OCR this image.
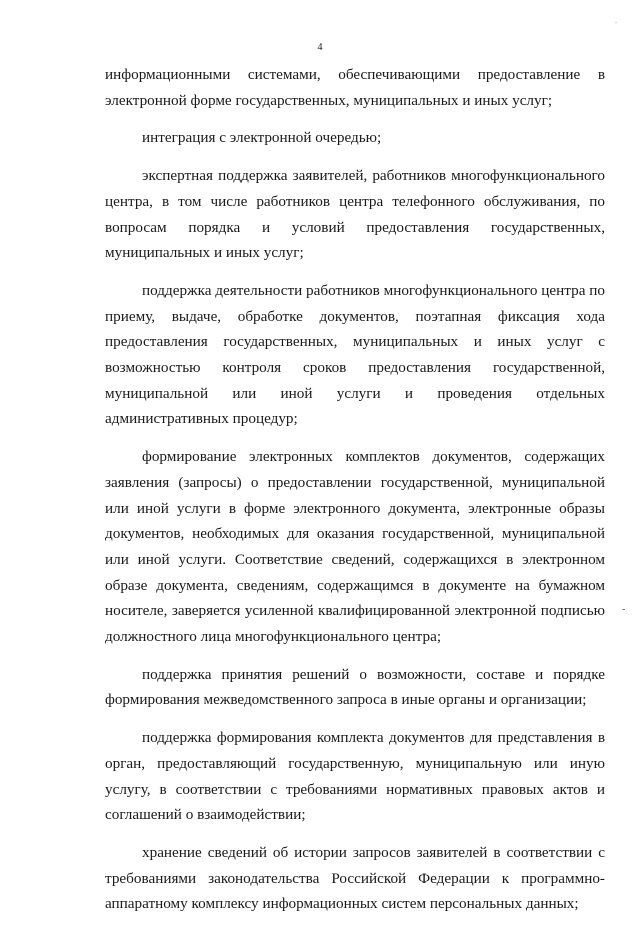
.
4

информационными системами, обеспечивающими предоставление в электронной форме государственных, муниципальных и иных услуг;

интеграция с электронной очередью;

экспертная поддержка заявителей, работников многофункционального центра, в том числе работников центра телефонного обслуживания, по вопросам порядка и условий предоставления государственных, муниципальных и иных услуг;

поддержка деятельности работников многофункционального центра по приему, выдаче, обработке документов, поэтапная фиксация хода предоставления государственных, муниципальных и иных услуг с возможностью контроля сроков предоставления государственной, муниципальной или иной услуги и проведения отдельных административных процедур;

формирование электронных комплектов документов, содержащих заявления (запросы) о предоставлении государственной, муниципальной или иной услуги в форме электронного документа, электронные образы документов, необходимых для оказания государственной, муниципальной или иной услуги. Соответствие сведений, содержащихся в электронном образе документа, сведениям, содержащимся в документе на бумажном носителе, заверяется усиленной квалифицированной электронной подписью должностного лица многофункционального центра;

поддержка принятия решений о возможности, составе и порядке формирования межведомственного запроса в иные органы и организации;

поддержка формирования комплекта документов для представления в орган, предоставляющий государственную, муниципальную или иную услугу, в соответствии с требованиями нормативных правовых актов и соглашений о взаимодействии;

хранение сведений об истории запросов заявителей в соответствии с требованиями законодательства Российской Федерации к программно-аппаратному комплексу информационных систем персональных данных;

-
